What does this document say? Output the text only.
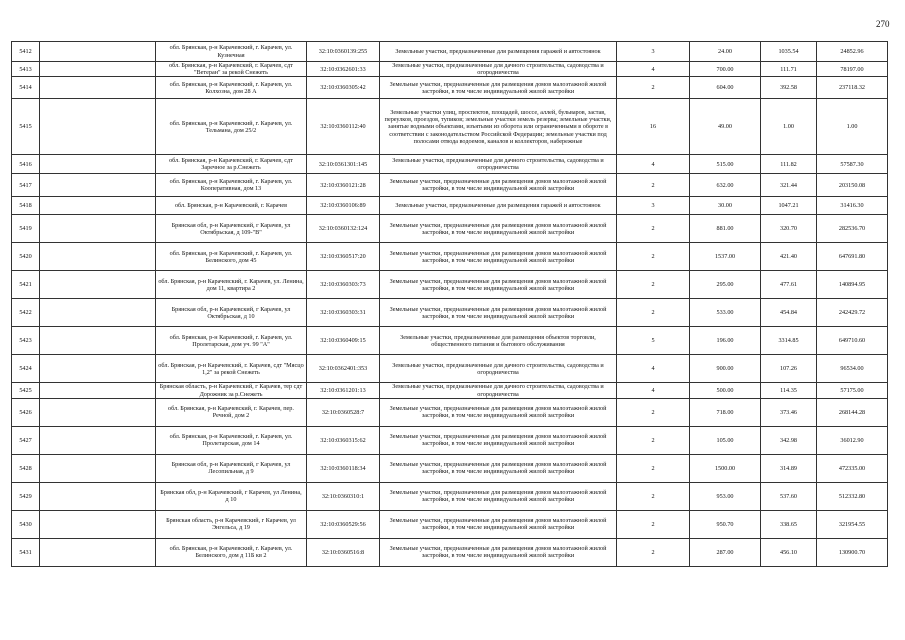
270
5412		обл. Брянская, р-н Карачевский, г. Карачев, ул. Кузнечная	32:10:0360139:255	Земельные участки, предназначенные для размещения гаражей и автостоянок	3	24.00	1035.54	24852.96
5413		обл. Брянская, р-н Карачевский, г. Карачев, сдт "Ветеран" за рекой Снежеть	32:10:0362601:33	Земельные участки, предназначенные для дачного строительства, садоводства и огородничества	4	700.00	111.71	78197.00
5414		обл. Брянская, р-н Карачевский, г. Карачев, ул. Колхозна, дом 28 А	32:10:0360305:42	Земельные участки, предназначенные для размещения домов малоэтажной жилой застройки, в том числе индивидуальной жилой застройки	2	604.00	392.58	237118.32
5415		обл. Брянская, р-н Карачевский, г. Карачев, ул. Тельмана, дом 25/2	32:10:0360112:40	Земельные участки улиц, проспектов, площадей, шоссе, аллей, бульваров, застав, переулков, проездов, тупиков; земельные участки земель резерва; земельные участки, занятые водными объектами, изъятыми из оборота или ограниченными в обороте в соответствии с законодательством Российской Федерации; земельные участки под полосами отвода водоемов, каналов и коллекторов, набережные	16	49.00	1.00	1.00
5416		обл. Брянская, р-н Карачевский, г. Карачев, сдт Заречное за р.Снежеть	32:10:0361301:145	Земельные участки, предназначенные для дачного строительства, садоводства и огородничества	4	515.00	111.82	57587.30
5417		обл. Брянская, р-н Карачевский, г. Карачев, ул. Кооперативная, дом 13	32:10:0360121:28	Земельные участки, предназначенные для размещения домов малоэтажной жилой застройки, в том числе индивидуальной жилой застройки	2	632.00	321.44	203150.08
5418		обл. Брянская, р-н Карачевский, г. Карачев	32:10:0360106:89	Земельные участки, предназначенные для размещения гаражей и автостоянок	3	30.00	1047.21	31416.30
5419		Брянская обл, р-н Карачевский, г Карачев, ул Октябрьская, д 109-"В"	32:10:0360132:124	Земельные участки, предназначенные для размещения домов малоэтажной жилой застройки, в том числе индивидуальной жилой застройки	2	881.00	320.70	282536.70
5420		обл. Брянская, р-н Карачевский, г. Карачев, ул. Белинского, дом 45	32:10:0360517:20	Земельные участки, предназначенные для размещения домов малоэтажной жилой застройки, в том числе индивидуальной жилой застройки	2	1537.00	421.40	647691.80
5421		обл. Брянская, р-н Карачевский, г. Карачев, ул. Ленина, дом 11, квартира 2	32:10:0360303:73	Земельные участки, предназначенные для размещения домов малоэтажной жилой застройки, в том числе индивидуальной жилой застройки	2	295.00	477.61	140894.95
5422		Брянская обл, р-н Карачевский, г Карачев, ул Октябрьская, д 10	32:10:0360303:31	Земельные участки, предназначенные для размещения домов малоэтажной жилой застройки, в том числе индивидуальной жилой застройки	2	533.00	454.84	242429.72
5423		обл. Брянская, р-н Карачевский, г. Карачев, ул. Пролетарская, дом уч. 99 "А"	32:10:0360409:15	Земельные участки, предназначенные для размещения объектов торговли, общественного питания и бытового обслуживания	5	196.00	3314.85	649710.60
5424		обл. Брянская, р-н Карачевский, г. Карачев, сдт "Мясцо 1,2" за рекой Снежеть	32:10:0362401:353	Земельные участки, предназначенные для дачного строительства, садоводства и огородничества	4	900.00	107.26	96534.00
5425		Брянская область, р-н Карачевский, г Карачев, тер сдт Дорожник за р.Снежеть	32:10:0361201:13	Земельные участки, предназначенные для дачного строительства, садоводства и огородничества	4	500.00	114.35	57175.00
5426		обл. Брянская, р-н Карачевский, г. Карачев, пер. Речной, дом 2	32:10:0360528:7	Земельные участки, предназначенные для размещения домов малоэтажной жилой застройки, в том числе индивидуальной жилой застройки	2	718.00	373.46	268144.28
5427		обл. Брянская, р-н Карачевский, г. Карачев, ул. Пролетарская, дом 14	32:10:0360315:62	Земельные участки, предназначенные для размещения домов малоэтажной жилой застройки, в том числе индивидуальной жилой застройки	2	105.00	342.98	36012.90
5428		Брянская обл, р-н Карачевский, г Карачев, ул Лесопильная, д 9	32:10:0360118:34	Земельные участки, предназначенные для размещения домов малоэтажной жилой застройки, в том числе индивидуальной жилой застройки	2	1500.00	314.89	472335.00
5429		Брянская обл, р-н Карачевский, г Карачев, ул Ленина, д 10	32:10:0360310:1	Земельные участки, предназначенные для размещения домов малоэтажной жилой застройки, в том числе индивидуальной жилой застройки	2	953.00	537.60	512332.80
5430		Брянская область, р-н Карачевский, г Карачев, ул Энгельса, д 19	32:10:0360529:56	Земельные участки, предназначенные для размещения домов малоэтажной жилой застройки, в том числе индивидуальной жилой застройки	2	950.70	338.65	321954.55
5431		обл. Брянская, р-н Карачевский, г. Карачев, ул. Белинского, дом д 11Б кв 2	32:10:0360516:8	Земельные участки, предназначенные для размещения домов малоэтажной жилой застройки, в том числе индивидуальной жилой застройки	2	287.00	456.10	130900.70
